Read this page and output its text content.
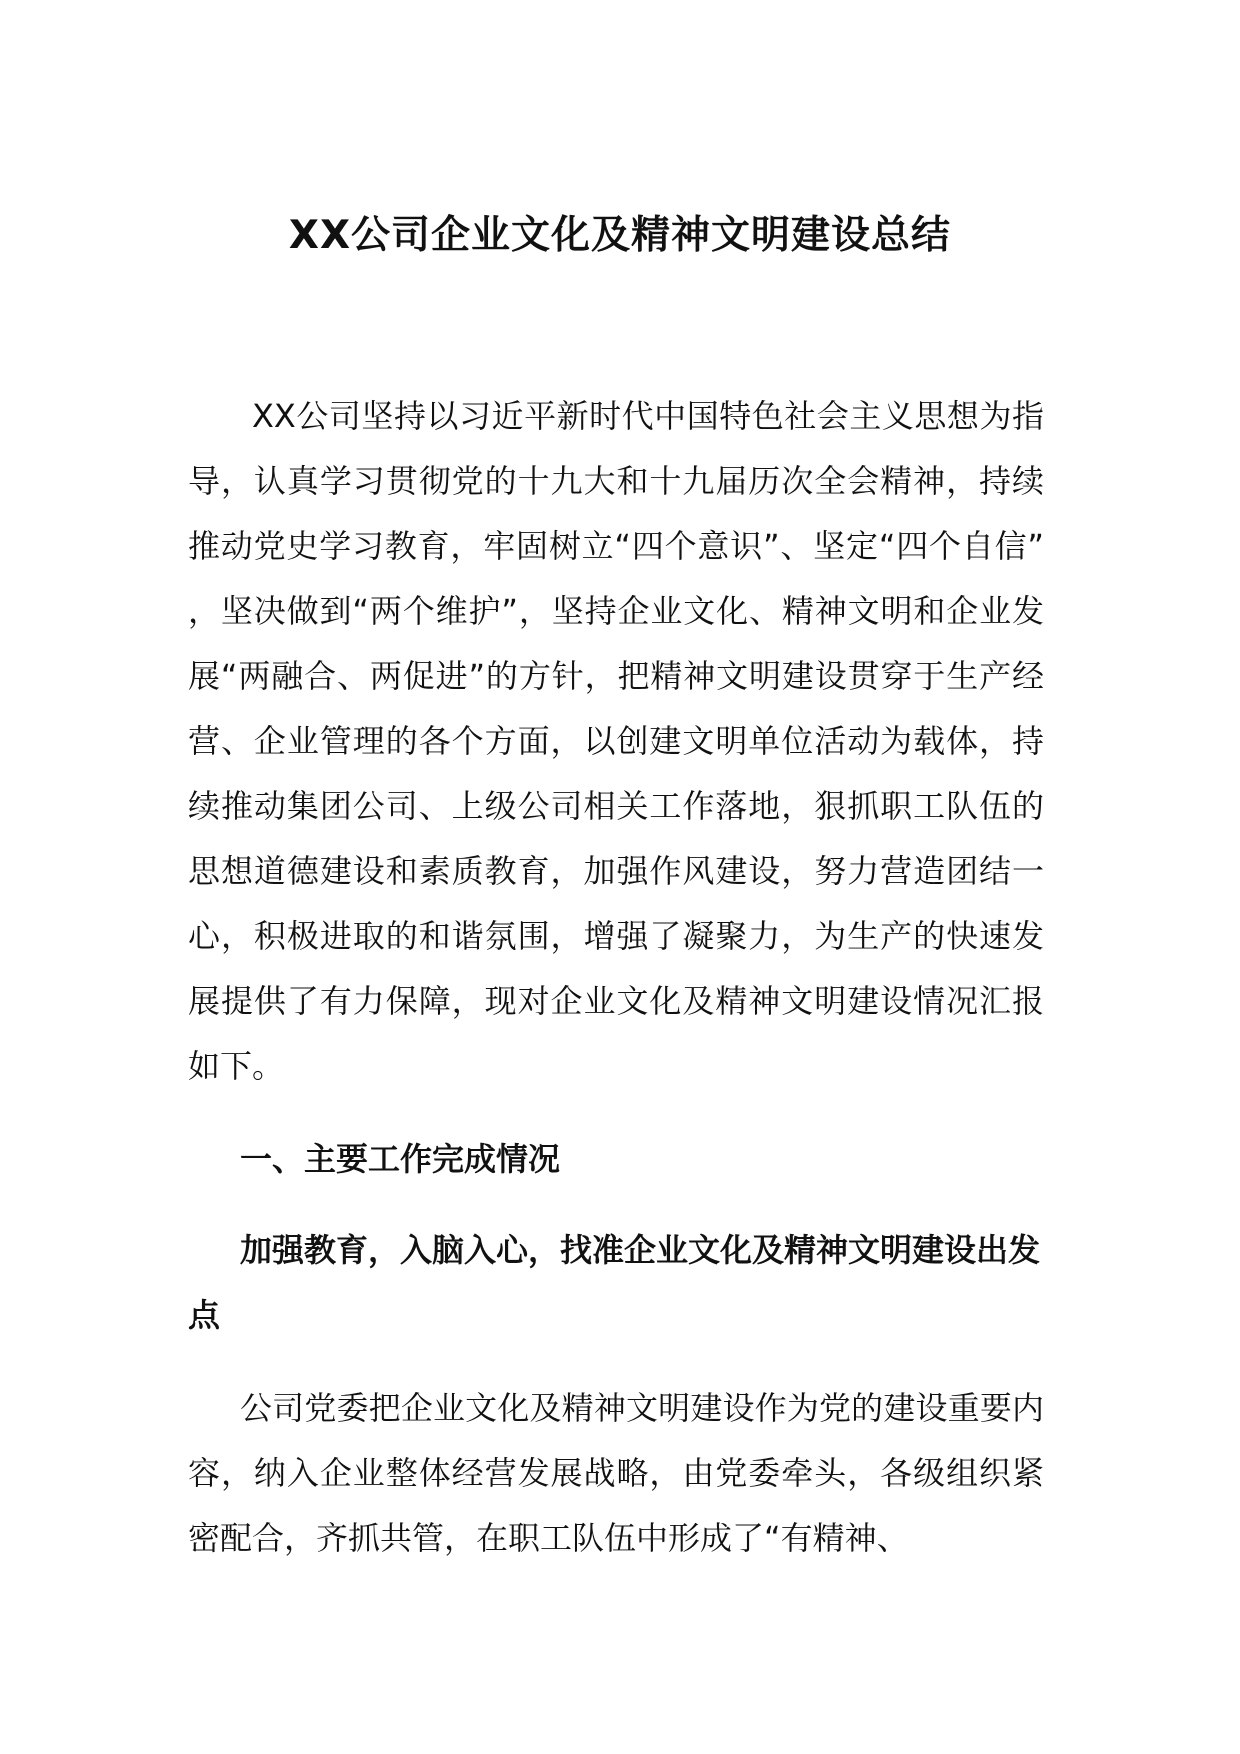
XX公司企业文化及精神文明建设总结

XX公司坚持以习近平新时代中国特色社会主义思想为指导，认真学习贯彻党的十九大和十九届历次全会精神，持续推动党史学习教育，牢固树立“四个意识”、坚定“四个自信”，坚决做到“两个维护”，坚持企业文化、精神文明和企业发展“两融合、两促进”的方针，把精神文明建设贯穿于生产经营、企业管理的各个方面，以创建文明单位活动为载体，持续推动集团公司、上级公司相关工作落地，狠抓职工队伍的思想道德建设和素质教育，加强作风建设，努力营造团结一心，积极进取的和谐氛围，增强了凝聚力，为生产的快速发展提供了有力保障，现对企业文化及精神文明建设情况汇报如下。

一、主要工作完成情况

加强教育，入脑入心，找准企业文化及精神文明建设出发点

公司党委把企业文化及精神文明建设作为党的建设重要内容，纳入企业整体经营发展战略，由党委牵头，各级组织紧密配合，齐抓共管，在职工队伍中形成了“有精神、
